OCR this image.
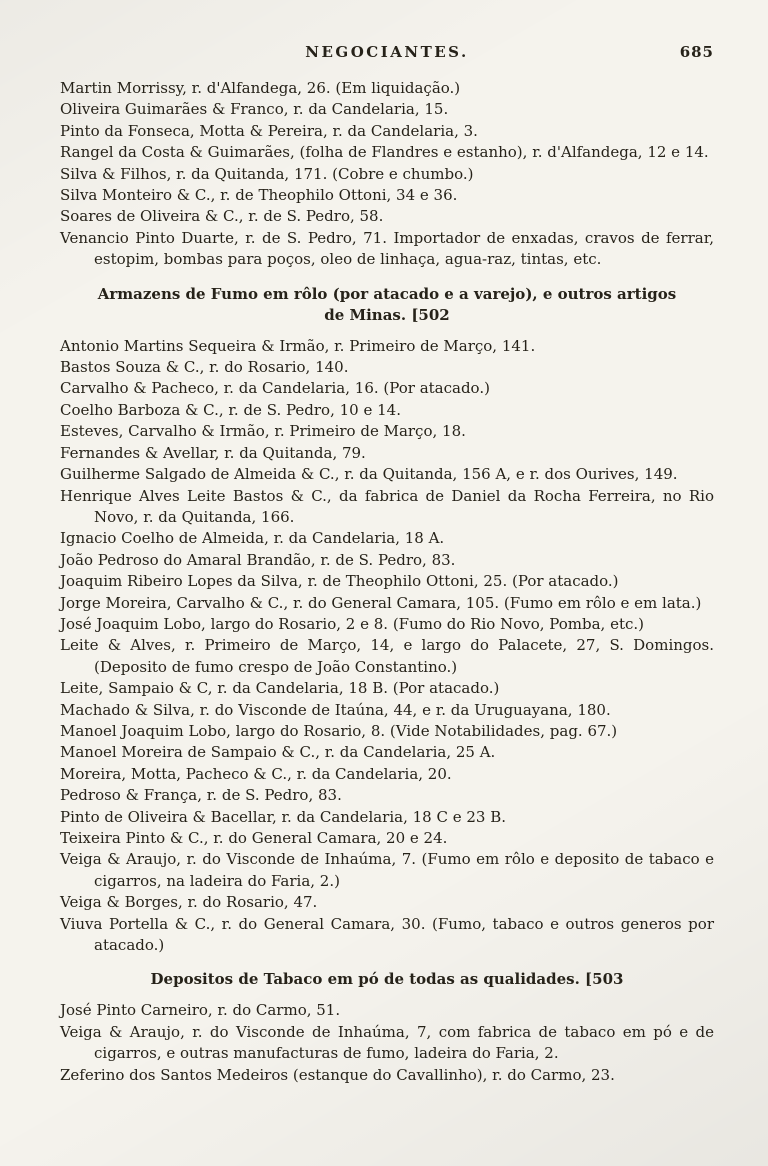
NEGOCIANTES.	685

Martin Morrissy, r. d'Alfandega, 26. (Em liquidação.)

Oliveira Guimarães & Franco, r. da Candelaria, 15.

Pinto da Fonseca, Motta & Pereira, r. da Candelaria, 3.

Rangel da Costa & Guimarães, (folha de Flandres e estanho), r. d'Alfandega, 12 e 14.

Silva & Filhos, r. da Quitanda, 171. (Cobre e chumbo.)

Silva Monteiro & C., r. de Theophilo Ottoni, 34 e 36.

Soares de Oliveira & C., r. de S. Pedro, 58.

Venancio Pinto Duarte, r. de S. Pedro, 71. Importador de enxadas, cravos de ferrar, estopim, bombas para poços, oleo de linhaça, agua-raz, tintas, etc.

Armazens de Fumo em rôlo (por atacado e a varejo), e outros artigos de Minas. [502

Antonio Martins Sequeira & Irmão, r. Primeiro de Março, 141.

Bastos Souza & C., r. do Rosario, 140.

Carvalho & Pacheco, r. da Candelaria, 16. (Por atacado.)

Coelho Barboza & C., r. de S. Pedro, 10 e 14.

Esteves, Carvalho & Irmão, r. Primeiro de Março, 18.

Fernandes & Avellar, r. da Quitanda, 79.

Guilherme Salgado de Almeida & C., r. da Quitanda, 156 A, e r. dos Ourives, 149.

Henrique Alves Leite Bastos & C., da fabrica de Daniel da Rocha Ferreira, no Rio Novo, r. da Quitanda, 166.

Ignacio Coelho de Almeida, r. da Candelaria, 18 A.

João Pedroso do Amaral Brandão, r. de S. Pedro, 83.

Joaquim Ribeiro Lopes da Silva, r. de Theophilo Ottoni, 25. (Por atacado.)

Jorge Moreira, Carvalho & C., r. do General Camara, 105. (Fumo em rôlo e em lata.)

José Joaquim Lobo, largo do Rosario, 2 e 8. (Fumo do Rio Novo, Pomba, etc.)

Leite & Alves, r. Primeiro de Março, 14, e largo do Palacete, 27, S. Domingos. (Deposito de fumo crespo de João Constantino.)

Leite, Sampaio & C, r. da Candelaria, 18 B. (Por atacado.)

Machado & Silva, r. do Visconde de Itaúna, 44, e r. da Uruguayana, 180.

Manoel Joaquim Lobo, largo do Rosario, 8. (Vide Notabilidades, pag. 67.)

Manoel Moreira de Sampaio & C., r. da Candelaria, 25 A.

Moreira, Motta, Pacheco & C., r. da Candelaria, 20.

Pedroso & França, r. de S. Pedro, 83.

Pinto de Oliveira & Bacellar, r. da Candelaria, 18 C e 23 B.

Teixeira Pinto & C., r. do General Camara, 20 e 24.

Veiga & Araujo, r. do Visconde de Inhaúma, 7. (Fumo em rôlo e deposito de tabaco e cigarros, na ladeira do Faria, 2.)

Veiga & Borges, r. do Rosario, 47.

Viuva Portella & C., r. do General Camara, 30. (Fumo, tabaco e outros generos por atacado.)

Depositos de Tabaco em pó de todas as qualidades. [503

José Pinto Carneiro, r. do Carmo, 51.

Veiga & Araujo, r. do Visconde de Inhaúma, 7, com fabrica de tabaco em pó e de cigarros, e outras manufacturas de fumo, ladeira do Faria, 2.

Zeferino dos Santos Medeiros (estanque do Cavallinho), r. do Carmo, 23.
